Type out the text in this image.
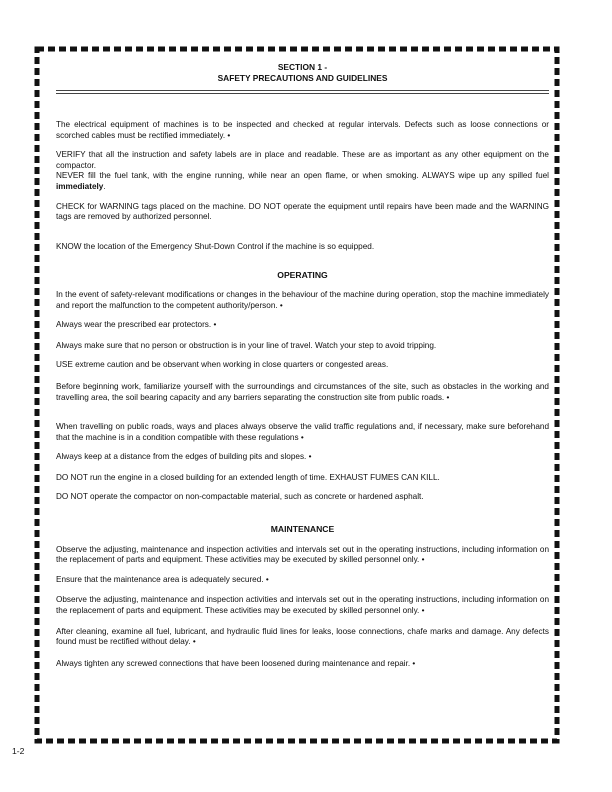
SECTION 1 -
SAFETY PRECAUTIONS AND GUIDELINES

The electrical equipment of machines is to be inspected and checked at regular intervals. Defects such as loose connections or scorched cables must be rectified immediately. •

VERIFY that all the instruction and safety labels are in place and readable. These are as important as any other equipment on the compactor.

NEVER fill the fuel tank, with the engine running, while near an open flame, or when smoking. ALWAYS wipe up any spilled fuel immediately.

CHECK for WARNING tags placed on the machine. DO NOT operate the equipment until repairs have been made and the WARNING tags are removed by authorized personnel.

KNOW the location of the Emergency Shut-Down Control if the machine is so equipped.

OPERATING

In the event of safety-relevant modifications or changes in the behaviour of the machine during operation, stop the machine immediately and report the malfunction to the competent authority/person. •

Always wear the prescribed ear protectors. •

Always make sure that no person or obstruction is in your line of travel. Watch your step to avoid tripping.

USE extreme caution and be observant when working in close quarters or congested areas.

Before beginning work, familiarize yourself with the surroundings and circumstances of the site, such as obstacles in the working and travelling area, the soil bearing capacity and any barriers separating the construction site from public roads. •

When travelling on public roads, ways and places always observe the valid traffic regulations and, if necessary, make sure beforehand that the machine is in a condition compatible with these regulations •

Always keep at a distance from the edges of building pits and slopes. •

DO NOT run the engine in a closed building for an extended length of time. EXHAUST FUMES CAN KILL.

DO NOT operate the compactor on non-compactable material, such as concrete or hardened asphalt.

MAINTENANCE

Observe the adjusting, maintenance and inspection activities and intervals set out in the operating instructions, including information on the replacement of parts and equipment. These activities may be executed by skilled personnel only. •

Ensure that the maintenance area is adequately secured. •

Observe the adjusting, maintenance and inspection activities and intervals set out in the operating instructions, including information on the replacement of parts and equipment. These activities may be executed by skilled personnel only. •

After cleaning, examine all fuel, lubricant, and hydraulic fluid lines for leaks, loose connections, chafe marks and damage. Any defects found must be rectified without delay. •

Always tighten any screwed connections that have been loosened during maintenance and repair. •

1-2
